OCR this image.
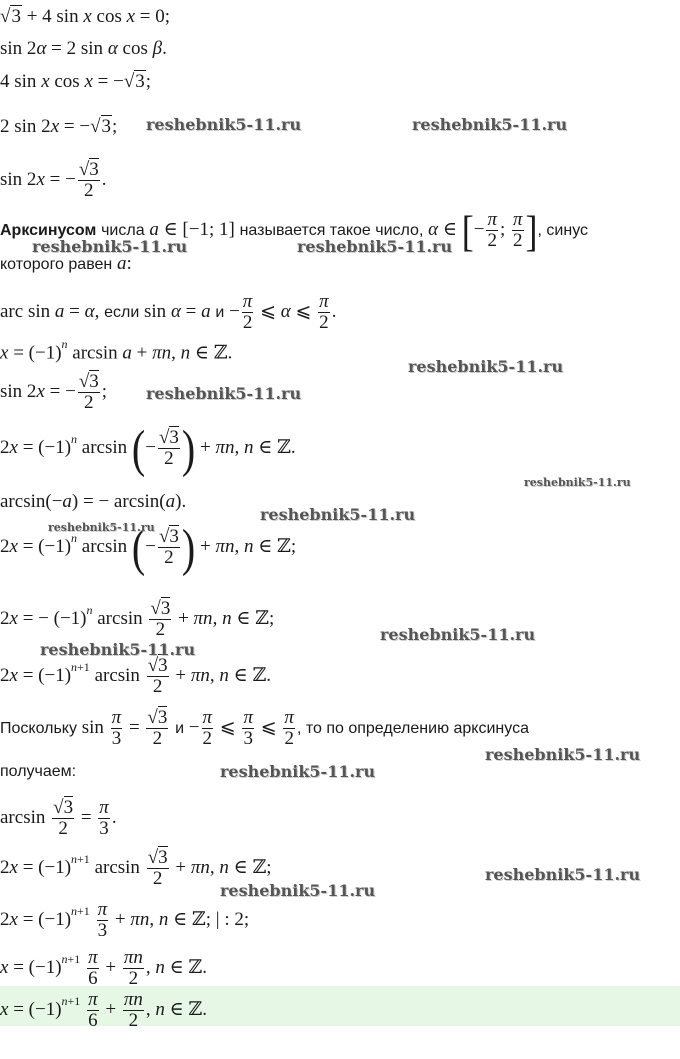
√3 + 4 sin x cos x = 0;
sin 2α = 2 sin α cos β.
4 sin x cos x = −√3;
2 sin 2x = −√3;
sin 2x = − $\frac{√3}{2}$ .
Арксинусом числа a ∈ [−1; 1] называется такое число, α ∈ [− $\frac{\pi}{2}$ ; $\frac{\pi}{2}$ ], синус
которого равен a:
arc sin a = α, если sin α = a $и - \frac{\pi}{2}$ ⩽ α ⩽ $\frac{\pi}{2}$ .
$x = (-1)^n$ arcsin a + πn, n ∈ ℤ.
sin 2x = − $\frac{√3}{2}$ ;
$2x = (-1)^n$ arcsin (− $\frac{√3}{2}$ ) + πn, n ∈ ℤ.
arcsin(−a) = − arcsin(a).
$2x = (-1)^n$ arcsin (− $\frac{√3}{2}$ ) + πn, n ∈ ℤ;
2x = − $(-1)^n$ $\arcsin \frac{√3}{2} + \pi n$, n ∈ ℤ;
$2x = (-1)^{n+1}$ $\arcsin \frac{√3}{2} + \pi n$, n ∈ ℤ.
Поскольку $\sin \frac{\pi}{3} = \frac{√3}{2}$ $и - \frac{\pi}{2}$ ⩽ $\frac{\pi}{3}$ ⩽ $\frac{\pi}{2}$ , то по определению арксинуса
получаем:
$\arcsin \frac{√3}{2} = \frac{\pi}{3}$ .
$2x = (-1)^{n+1}$ $\arcsin \frac{√3}{2} + \pi n$, n ∈ ℤ;
$2x = (-1)^{n+1} \frac{\pi}{3} + \pi n$, n ∈ ℤ; | : 2;
$x = (-1)^{n+1} \frac{\pi}{6} + \frac{\pi n}{2}$ , n ∈ ℤ.
$x = (-1)^{n+1} \frac{\pi}{6} + \frac{\pi n}{2}$ , n ∈ ℤ.
reshebnik5-11.ru	reshebnik5-11.ru
reshebnik5-11.ru	reshebnik5-11.ru
reshebnik5-11.ru
reshebnik5-11.ru
reshebnik5-11.ru
reshebnik5-11.ru
reshebnik5-11.ru
reshebnik5-11.ru
reshebnik5-11.ru
reshebnik5-11.ru
reshebnik5-11.ru
reshebnik5-11.ru
reshebnik5-11.ru
